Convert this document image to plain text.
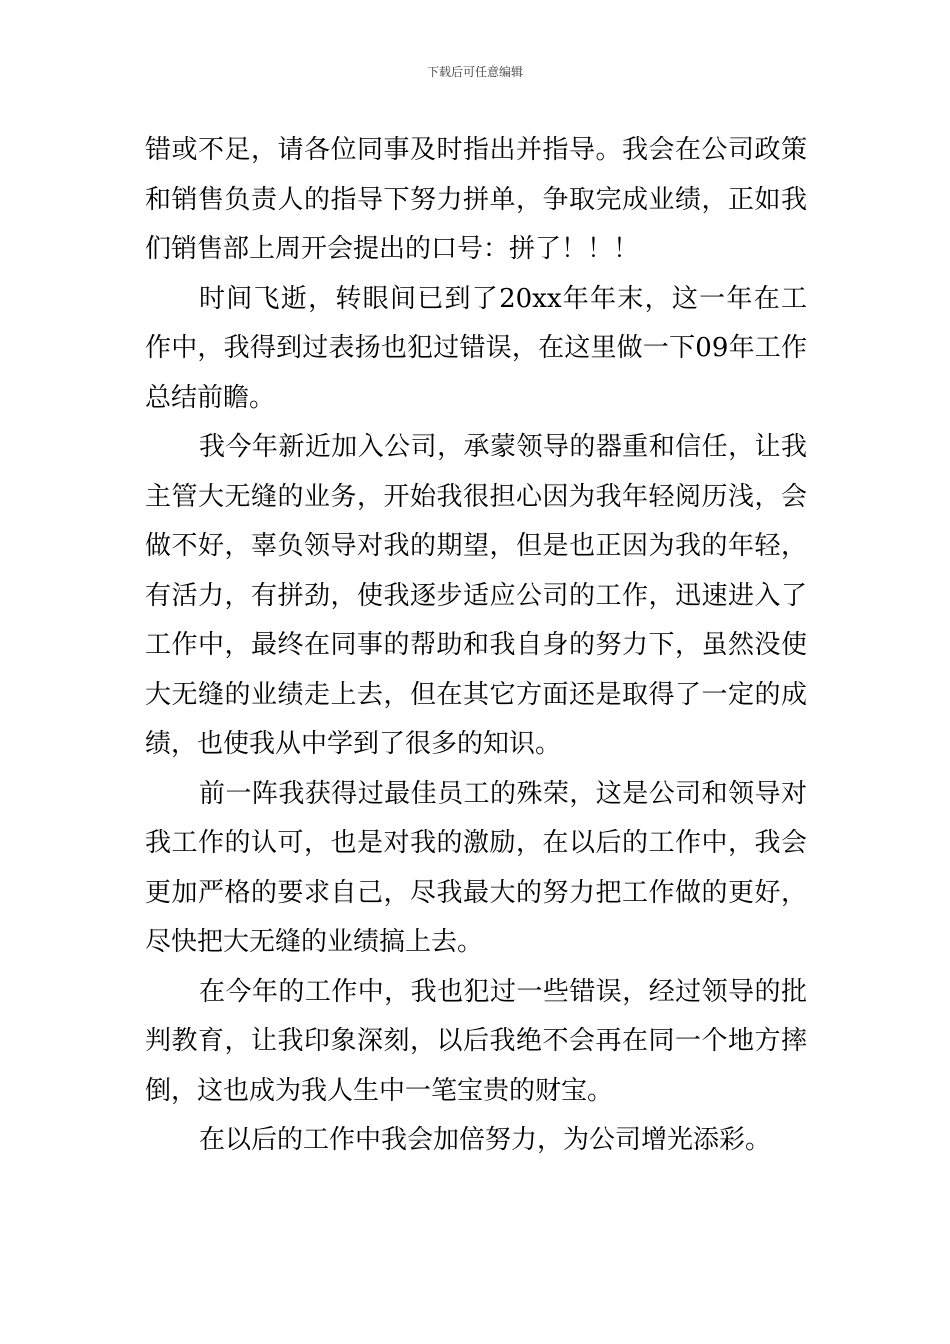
下载后可任意编辑

错或不足，请各位同事及时指出并指导。我会在公司政策和销售负责人的指导下努力拼单，争取完成业绩，正如我们销售部上周开会提出的口号：拼了！！！

时间飞逝，转眼间已到了20xx年年末，这一年在工作中，我得到过表扬也犯过错误，在这里做一下09年工作总结前瞻。

我今年新近加入公司，承蒙领导的器重和信任，让我主管大无缝的业务，开始我很担心因为我年轻阅历浅，会做不好，辜负领导对我的期望，但是也正因为我的年轻，有活力，有拼劲，使我逐步适应公司的工作，迅速进入了工作中，最终在同事的帮助和我自身的努力下，虽然没使大无缝的业绩走上去，但在其它方面还是取得了一定的成绩，也使我从中学到了很多的知识。

前一阵我获得过最佳员工的殊荣，这是公司和领导对我工作的认可，也是对我的激励，在以后的工作中，我会更加严格的要求自己，尽我最大的努力把工作做的更好，尽快把大无缝的业绩搞上去。

在今年的工作中，我也犯过一些错误，经过领导的批判教育，让我印象深刻，以后我绝不会再在同一个地方摔倒，这也成为我人生中一笔宝贵的财宝。

在以后的工作中我会加倍努力，为公司增光添彩。
